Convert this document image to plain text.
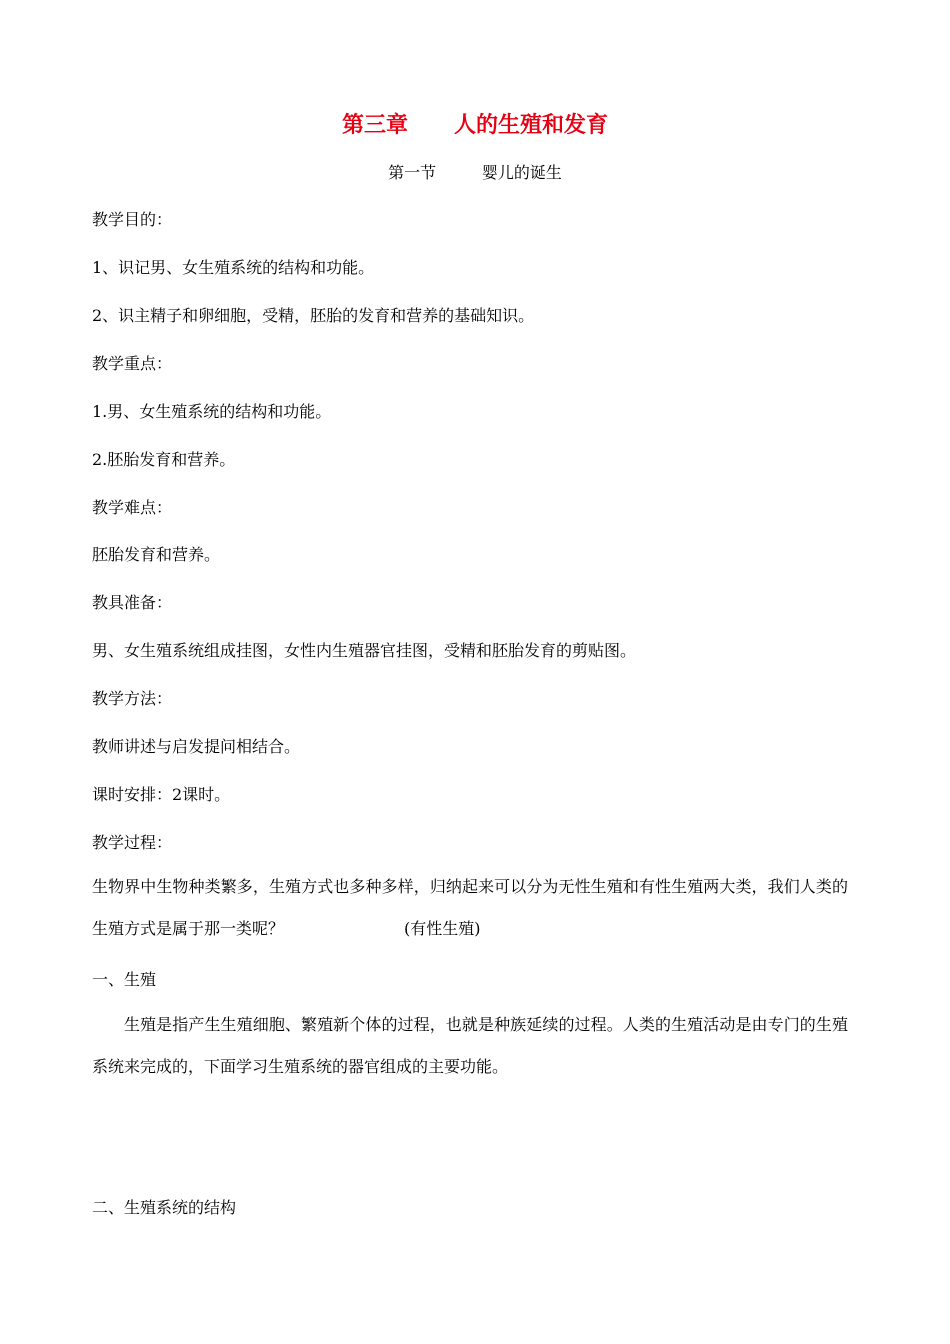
第三章 人的生殖和发育
第一节	婴儿的诞生
教学目的：
1、识记男、女生殖系统的结构和功能。
2、识主精子和卵细胞，受精，胚胎的发育和营养的基础知识。
教学重点：
1.男、女生殖系统的结构和功能。
2.胚胎发育和营养。
教学难点：
胚胎发育和营养。
教具准备：
男、女生殖系统组成挂图，女性内生殖器官挂图，受精和胚胎发育的剪贴图。
教学方法：
教师讲述与启发提问相结合。
课时安排：2课时。
教学过程：
生物界中生物种类繁多，生殖方式也多种多样，归纳起来可以分为无性生殖和有性生殖两大类，我们人类的生殖方式是属于那一类呢？	(有性生殖)
一、生殖
生殖是指产生生殖细胞、繁殖新个体的过程，也就是种族延续的过程。人类的生殖活动是由专门的生殖系统来完成的，下面学习生殖系统的器官组成的主要功能。
二、生殖系统的结构
